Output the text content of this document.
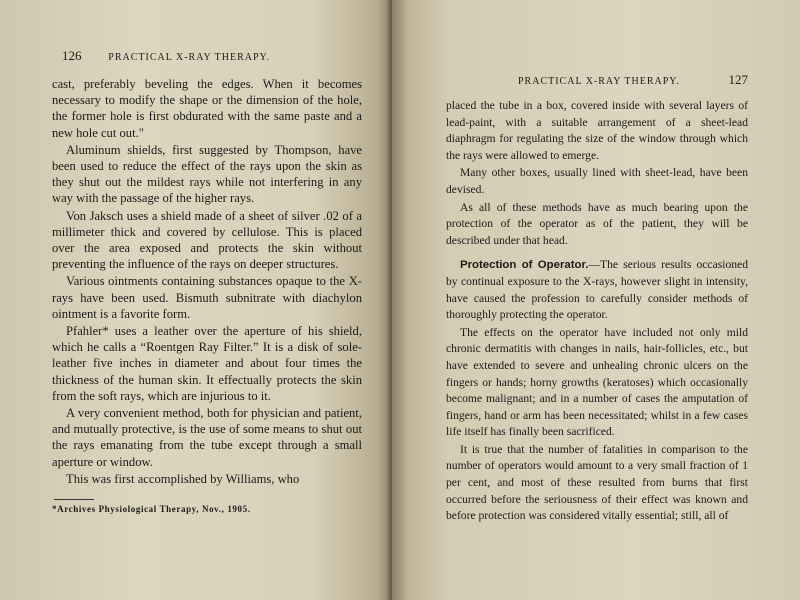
126	PRACTICAL X-RAY THERAPY.

cast, preferably beveling the edges. When it becomes necessary to modify the shape or the dimension of the hole, the former hole is first obdurated with the same paste and a new hole cut out."

Aluminum shields, first suggested by Thompson, have been used to reduce the effect of the rays upon the skin as they shut out the mildest rays while not interfering in any way with the passage of the higher rays.

Von Jaksch uses a shield made of a sheet of silver .02 of a millimeter thick and covered by cellulose. This is placed over the area exposed and protects the skin without preventing the influence of the rays on deeper structures.

Various ointments containing substances opaque to the X-rays have been used. Bismuth subnitrate with diachylon ointment is a favorite form.

Pfahler* uses a leather over the aperture of his shield, which he calls a “Roentgen Ray Filter.” It is a disk of sole-leather five inches in diameter and about four times the thickness of the human skin. It effectually protects the skin from the soft rays, which are injurious to it.

A very convenient method, both for physician and patient, and mutually protective, is the use of some means to shut out the rays emanating from the tube except through a small aperture or window.

This was first accomplished by Williams, who

*Archives Physiological Therapy, Nov., 1905.
PRACTICAL X-RAY THERAPY.	127

placed the tube in a box, covered inside with several layers of lead-paint, with a suitable arrangement of a sheet-lead diaphragm for regulating the size of the window through which the rays were allowed to emerge.

Many other boxes, usually lined with sheet-lead, have been devised.

As all of these methods have as much bearing upon the protection of the operator as of the patient, they will be described under that head.

Protection of Operator.—The serious results occasioned by continual exposure to the X-rays, however slight in intensity, have caused the profession to carefully consider methods of thoroughly protecting the operator.

The effects on the operator have included not only mild chronic dermatitis with changes in nails, hair-follicles, etc., but have extended to severe and unhealing chronic ulcers on the fingers or hands; horny growths (keratoses) which occasionally become malignant; and in a number of cases the amputation of fingers, hand or arm has been necessitated; whilst in a few cases life itself has finally been sacrificed.

It is true that the number of fatalities in comparison to the number of operators would amount to a very small fraction of 1 per cent, and most of these resulted from burns that first occurred before the seriousness of their effect was known and before protection was considered vitally essential; still, all of
